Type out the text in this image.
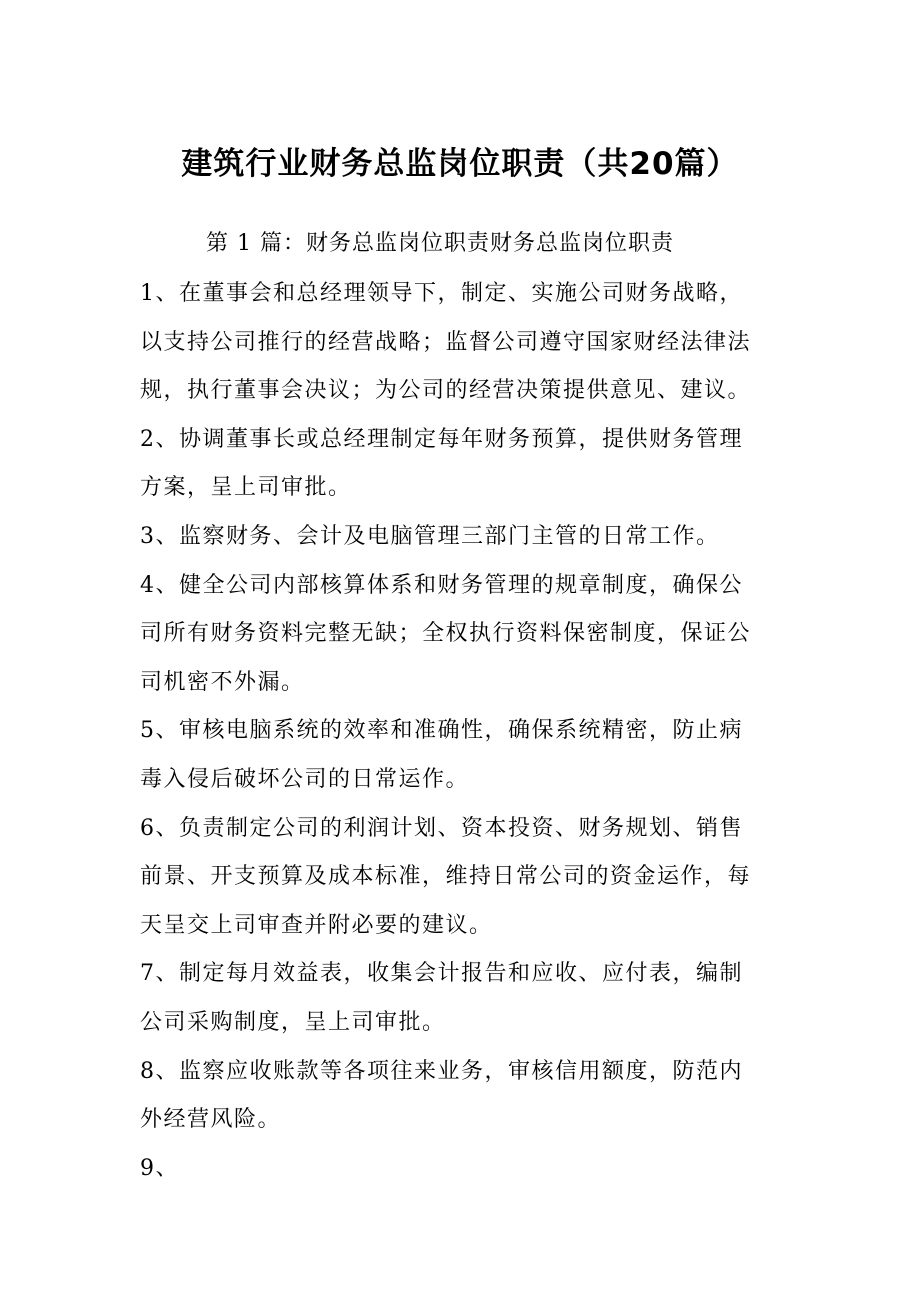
建筑行业财务总监岗位职责（共20篇）
第 1 篇：财务总监岗位职责财务总监岗位职责
1、在董事会和总经理领导下，制定、实施公司财务战略，
以支持公司推行的经营战略；监督公司遵守国家财经法律法
规，执行董事会决议；为公司的经营决策提供意见、建议。
2、协调董事长或总经理制定每年财务预算，提供财务管理
方案，呈上司审批。
3、监察财务、会计及电脑管理三部门主管的日常工作。
4、健全公司内部核算体系和财务管理的规章制度，确保公
司所有财务资料完整无缺；全权执行资料保密制度，保证公
司机密不外漏。
5、审核电脑系统的效率和准确性，确保系统精密，防止病
毒入侵后破坏公司的日常运作。
6、负责制定公司的利润计划、资本投资、财务规划、销售
前景、开支预算及成本标准，维持日常公司的资金运作，每
天呈交上司审查并附必要的建议。
7、制定每月效益表，收集会计报告和应收、应付表，编制
公司采购制度，呈上司审批。
8、监察应收账款等各项往来业务，审核信用额度，防范内
外经营风险。
9、
